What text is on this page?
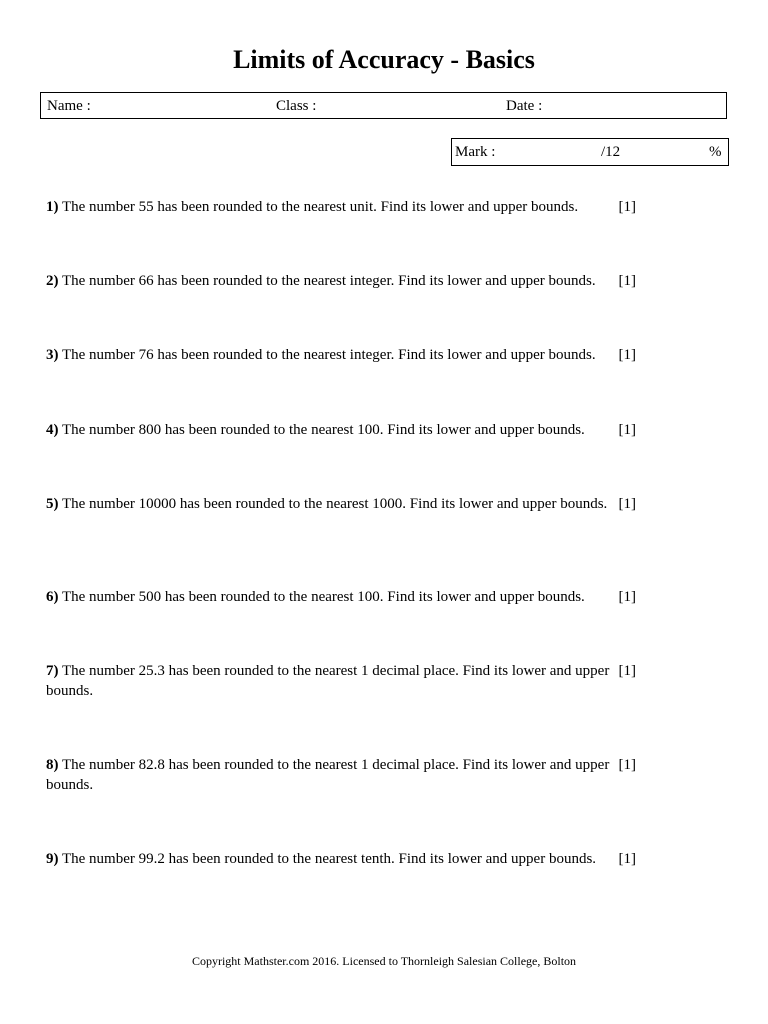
Limits of Accuracy - Basics
Name :	Class :	Date :
Mark :	/12	%
1) The number 55 has been rounded to the nearest unit. Find its lower and upper bounds.	[1]
2) The number 66 has been rounded to the nearest integer. Find its lower and upper bounds.	[1]
3) The number 76 has been rounded to the nearest integer. Find its lower and upper bounds.	[1]
4) The number 800 has been rounded to the nearest 100. Find its lower and upper bounds.	[1]
5) The number 10000 has been rounded to the nearest 1000. Find its lower and upper bounds. [1]
6) The number 500 has been rounded to the nearest 100. Find its lower and upper bounds.	[1]
7) The number 25.3 has been rounded to the nearest 1 decimal place. Find its lower and upper bounds.
[1]
8) The number 82.8 has been rounded to the nearest 1 decimal place. Find its lower and upper bounds.
[1]
9) The number 99.2 has been rounded to the nearest tenth. Find its lower and upper bounds.	[1]
Copyright Mathster.com 2016. Licensed to Thornleigh Salesian College, Bolton
